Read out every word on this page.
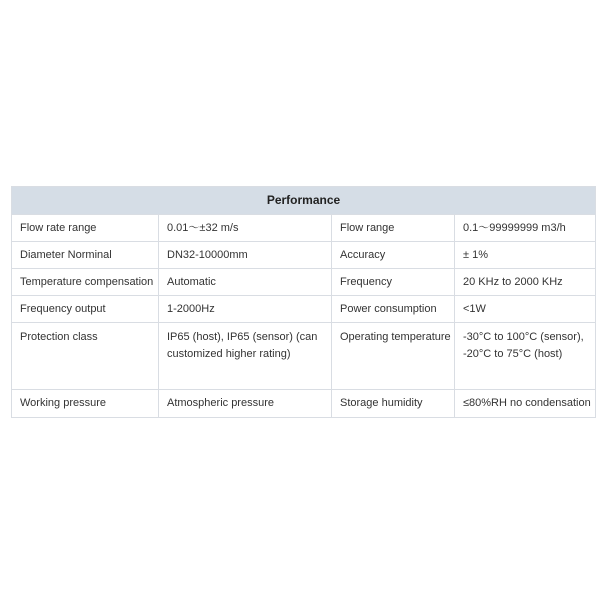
Performance			
Flow rate range	0.01～±32 m/s	Flow range	0.1～99999999 m3/h
Diameter Norminal	DN32-10000mm	Accuracy	± 1%
Temperature compensation	Automatic	Frequency	20 KHz to 2000 KHz
Frequency output	1-2000Hz	Power consumption	<1W
Protection class	IP65 (host), IP65 (sensor) (can customized higher rating)	Operating temperature	-30°C to 100°C (sensor), -20°C to 75°C (host)
Working pressure	Atmospheric pressure	Storage humidity	≤80%RH no condensation
